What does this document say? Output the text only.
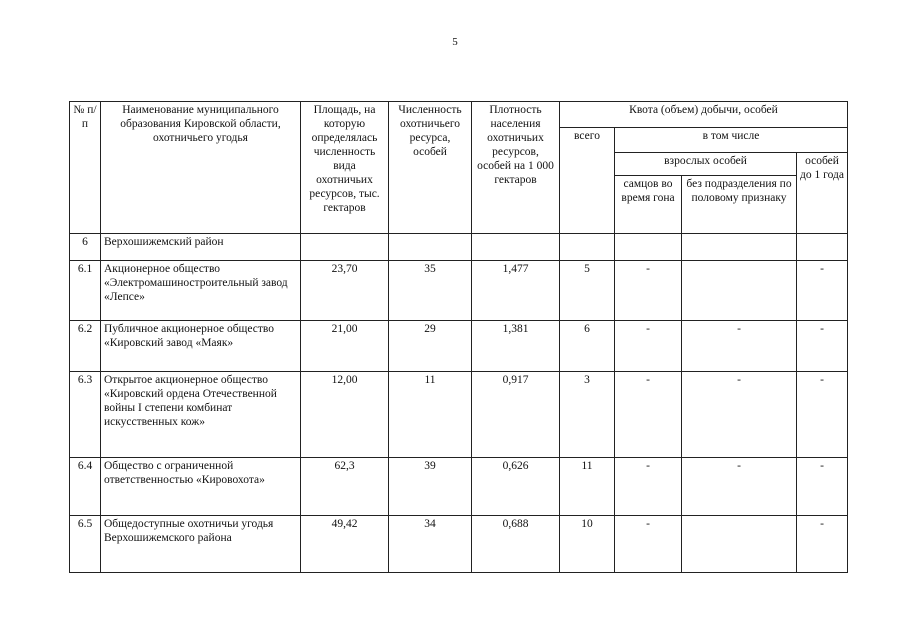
5
№ п/п	Наименование муниципального образования Кировской области, охотничьего угодья	Площадь, на которую определялась численность вида охотничьих ресурсов, тыс. гектаров	Численность охотничьего ресурса, особей	Плотность населения охотничьих ресурсов, особей на 1 000 гектаров	Квота (объем) добычи, особей			
					всего	в том числе		
						взрослых особей		особей до 1 года
						самцов во время гона	без подразделения по половому признаку	
6	Верхошижемский район							
6.1	Акционерное общество «Электромашиностроительный завод «Лепсе»	23,70	35	1,477	5	-		-
6.2	Публичное акционерное общество «Кировский завод «Маяк»	21,00	29	1,381	6	-	-	-
6.3	Открытое акционерное общество «Кировский ордена Отечественной войны I степени комбинат искусственных кож»	12,00	11	0,917	3	-	-	-
6.4	Общество с ограниченной ответственностью «Кировохота»	62,3	39	0,626	11	-	-	-
6.5	Общедоступные охотничьи угодья Верхошижемского района	49,42	34	0,688	10	-		-
